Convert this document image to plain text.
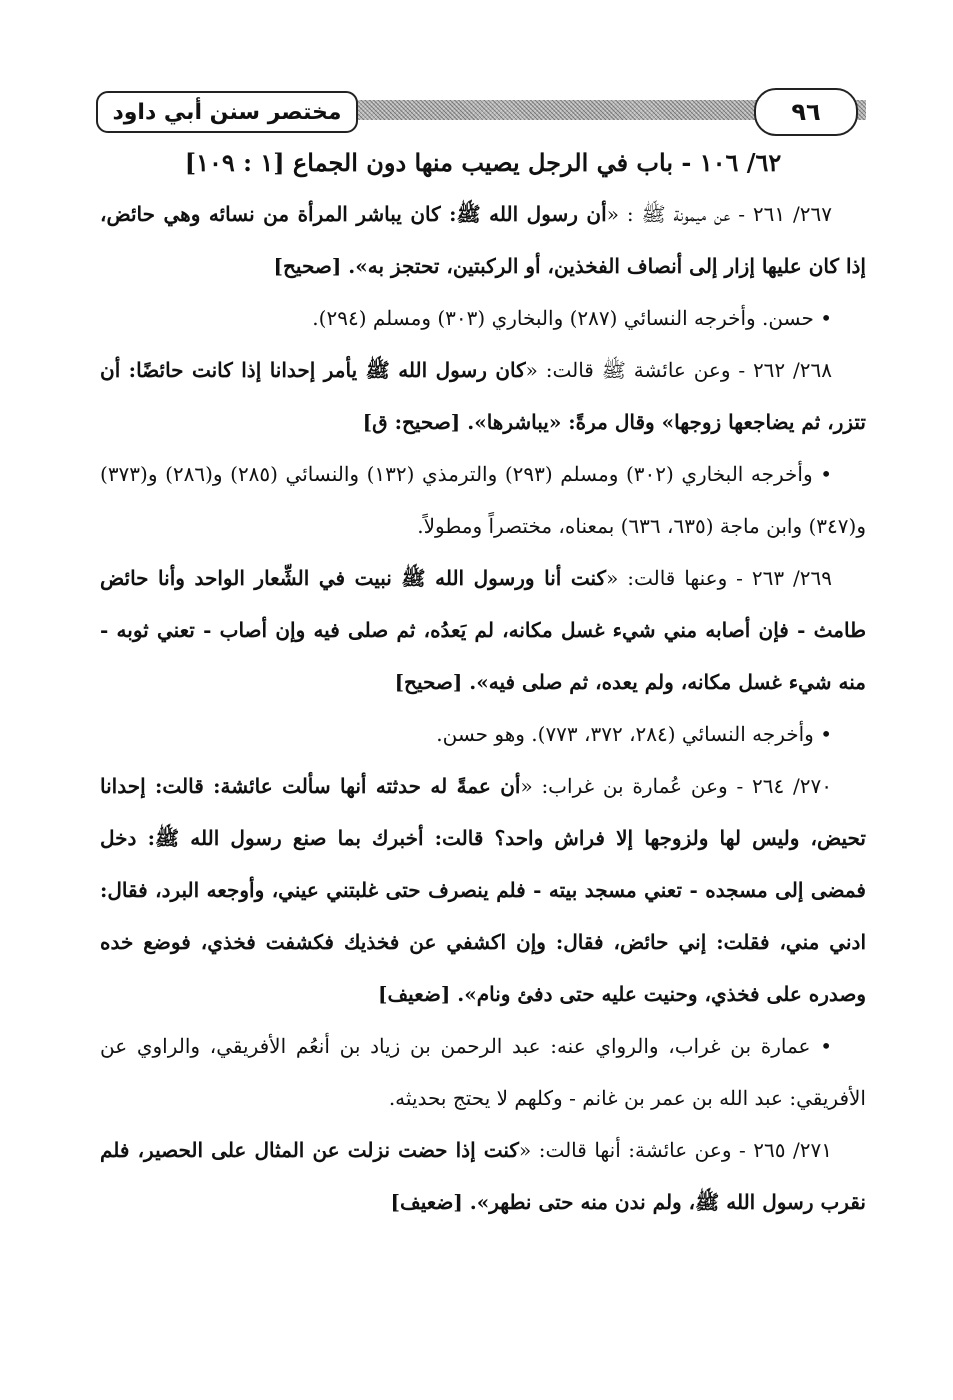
مختصر سنن أبي داود	٩٦
٦٢/ ١٠٦ - باب في الرجل يصيب منها دون الجماع [١ : ١٠٩]

٢٦٧/ ٢٦١ - عن ميمونة ﷺ : «أن رسول الله ﷺ: كان يباشر المرأة من نسائه وهي حائض، إذا كان عليها إزار إلى أنصاف الفخذين، أو الركبتين، تحتجز به». [صحيح]

• حسن. وأخرجه النسائي (٢٨٧) والبخاري (٣٠٣) ومسلم (٢٩٤).

٢٦٨/ ٢٦٢ - وعن عائشة ﷺ قالت: «كان رسول الله ﷺ يأمر إحدانا إذا كانت حائضًا: أن تتزر، ثم يضاجعها زوجها» وقال مرةً: «يباشرها». [صحيح: ق]

• وأخرجه البخاري (٣٠٢) ومسلم (٢٩٣) والترمذي (١٣٢) والنسائي (٢٨٥) و(٢٨٦) و(٣٧٣) و(٣٤٧) وابن ماجة (٦٣٥، ٦٣٦) بمعناه، مختصراً ومطولاً.

٢٦٩/ ٢٦٣ - وعنها قالت: «كنت أنا ورسول الله ﷺ نبيت في الشِّعار الواحد وأنا حائض طامث - فإن أصابه مني شيء غسل مكانه، لم يَعدُه، ثم صلى فيه وإن أصاب - تعني ثوبه - منه شيء غسل مكانه، ولم يعده، ثم صلى فيه». [صحيح]

• وأخرجه النسائي (٢٨٤، ٣٧٢، ٧٧٣). وهو حسن.

٢٧٠/ ٢٦٤ - وعن عُمارة بن غراب: «أن عمةً له حدثته أنها سألت عائشة: قالت: إحدانا تحيض، وليس لها ولزوجها إلا فراش واحد؟ قالت: أخبرك بما صنع رسول الله ﷺ: دخل فمضى إلى مسجده - تعني مسجد بيته - فلم ينصرف حتى غلبتني عيني، وأوجعه البرد، فقال: ادني مني، فقلت: إني حائض، فقال: وإن اكشفي عن فخذيك فكشفت فخذي، فوضع خده وصدره على فخذي، وحنيت عليه حتى دفئ ونام». [ضعيف]

• عمارة بن غراب، والرواي عنه: عبد الرحمن بن زياد بن أنعُم الأفريقي، والراوي عن الأفريقي: عبد الله بن عمر بن غانم - وكلهم لا يحتج بحديثه.

٢٧١/ ٢٦٥ - وعن عائشة: أنها قالت: «كنت إذا حضت نزلت عن المثال على الحصير، فلم نقرب رسول الله ﷺ، ولم ندن منه حتى نطهر». [ضعيف]
